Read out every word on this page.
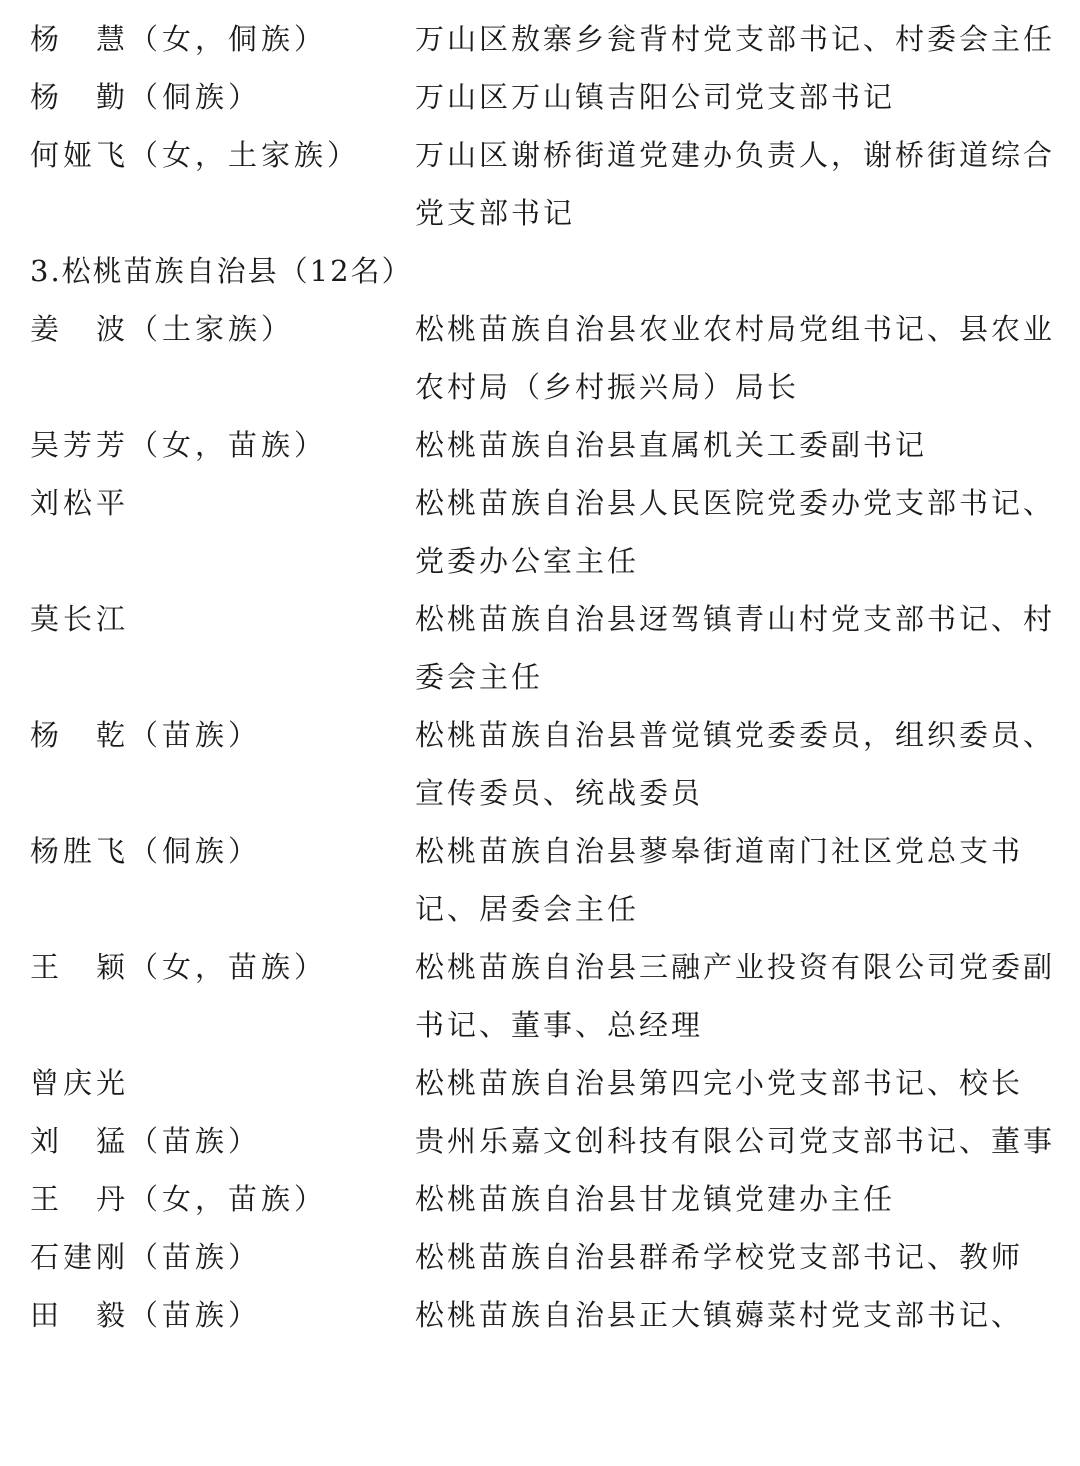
杨　慧（女，侗族）	万山区敖寨乡瓮背村党支部书记、村委会主任
杨　勤（侗族）	万山区万山镇吉阳公司党支部书记
何娅飞（女，土家族）	万山区谢桥街道党建办负责人，谢桥街道综合党支部书记
3.松桃苗族自治县（12名）
姜　波（土家族）	松桃苗族自治县农业农村局党组书记、县农业农村局（乡村振兴局）局长
吴芳芳（女，苗族）	松桃苗族自治县直属机关工委副书记
刘松平	松桃苗族自治县人民医院党委办党支部书记、党委办公室主任
莫长江	松桃苗族自治县迓驾镇青山村党支部书记、村委会主任
杨　乾（苗族）	松桃苗族自治县普觉镇党委委员，组织委员、宣传委员、统战委员
杨胜飞（侗族）	松桃苗族自治县蓼皋街道南门社区党总支书记、居委会主任
王　颖（女，苗族）	松桃苗族自治县三融产业投资有限公司党委副书记、董事、总经理
曾庆光	松桃苗族自治县第四完小党支部书记、校长
刘　猛（苗族）	贵州乐嘉文创科技有限公司党支部书记、董事
王　丹（女，苗族）	松桃苗族自治县甘龙镇党建办主任
石建刚（苗族）	松桃苗族自治县群希学校党支部书记、教师
田　毅（苗族）	松桃苗族自治县正大镇薅菜村党支部书记、
